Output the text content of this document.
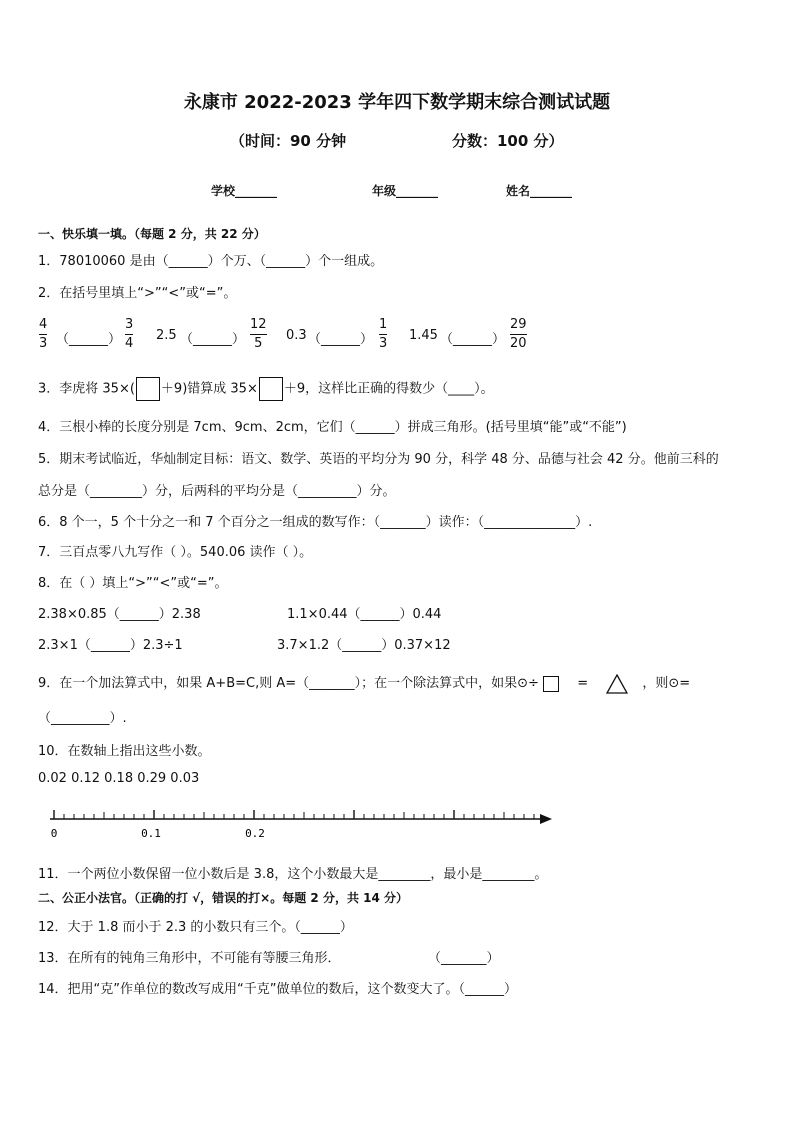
永康市 2022-2023 学年四下数学期末综合测试试题
（时间：90 分钟	分数：100 分）
学校_______	年级_______	姓名_______
一、快乐填一填。（每题 2 分，共 22 分）
1．78010060 是由（______）个万、（______）个一组成。
2．在括号里填上“>”“<”或“=”。
4
3 （______）
3
4
2.5 （______）
12
5
0.3 （______）
1
3
1.45 （______）
29
20
3．李虎将 35×( ＋9)错算成 35× ＋9，这样比正确的得数少（____）。
4．三根小棒的长度分别是 7cm、9cm、2cm，它们（______）拼成三角形。(括号里填“能”或“不能”)
5．期末考试临近，华灿制定目标：语文、数学、英语的平均分为 90 分，科学 48 分、品德与社会 42 分。他前三科的
总分是（________）分，后两科的平均分是（_________）分。
6．8 个一，5 个十分之一和 7 个百分之一组成的数写作：（_______）读作：（______________）.
7．三百点零八九写作（ ）。540.06 读作（ ）。
8．在（ ）填上“>”“<”或“=”。
2.38×0.85（______）2.38	1.1×0.44（______）0.44
2.3×1（______）2.3÷1	3.7×1.2（______）0.37×12
9．在一个加法算式中，如果 A+B=C,则 A=（_______）；在一个除法算式中，如果⊙÷	=	，则⊙=
（_________）.
10．在数轴上指出这些小数。
0.02 0.12 0.18 0.29 0.03
0	0.1	0.2
11．一个两位小数保留一位小数后是 3.8，这个小数最大是________，最小是________。
二、公正小法官。（正确的打 √，错误的打×。每题 2 分，共 14 分）
12．大于 1.8 而小于 2.3 的小数只有三个。（______）
13．在所有的钝角三角形中，不可能有等腰三角形．	（_______）
14．把用“克”作单位的数改写成用“千克”做单位的数后，这个数变大了。（______）
